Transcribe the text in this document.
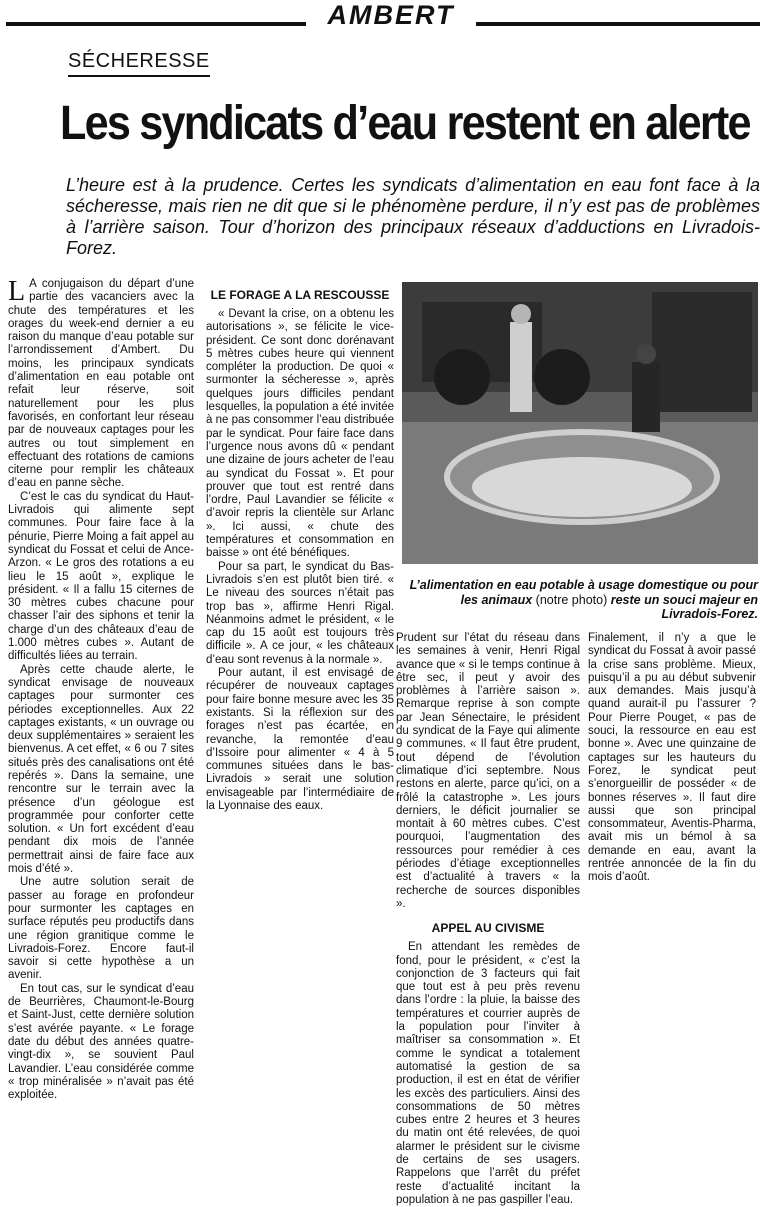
AMBERT
SÉCHERESSE
Les syndicats d’eau restent en alerte
L’heure est à la prudence. Certes les syndicats d’alimentation en eau font face à la sécheresse, mais rien ne dit que si le phénomène perdure, il n’y est pas de problèmes à l’arrière saison. Tour d’horizon des principaux réseaux d’adductions en Livradois-Forez.

L A conjugaison du départ d’une partie des vacanciers avec la chute des températures et les orages du week-end dernier a eu raison du manque d’eau potable sur l’arrondissement d’Ambert. Du moins, les principaux syndicats d’alimentation en eau potable ont refait leur réserve, soit naturellement pour les plus favorisés, en confortant leur réseau par de nouveaux captages pour les autres ou tout simplement en effectuant des rotations de camions citerne pour remplir les châteaux d’eau en panne sèche.

C’est le cas du syndicat du Haut-Livradois qui alimente sept communes. Pour faire face à la pénurie, Pierre Moing a fait appel au syndicat du Fossat et celui de Ance-Arzon. « Le gros des rotations a eu lieu le 15 août », explique le président. « Il a fallu 15 citernes de 30 mètres cubes chacune pour chasser l’air des siphons et tenir la charge d’un des châteaux d’eau de 1.000 mètres cubes ». Autant de difficultés liées au terrain.

Après cette chaude alerte, le syndicat envisage de nouveaux captages pour surmonter ces périodes exceptionnelles. Aux 22 captages existants, « un ouvrage ou deux supplémentaires » seraient les bienvenus. A cet effet, « 6 ou 7 sites situés près des canalisations ont été repérés ». Dans la semaine, une rencontre sur le terrain avec la présence d’un géologue est programmée pour conforter cette solution. « Un fort excédent d’eau pendant dix mois de l’année permettrait ainsi de faire face aux mois d’été ».

Une autre solution serait de passer au forage en profondeur pour surmonter les captages en surface réputés peu productifs dans une région granitique comme le Livradois-Forez. Encore faut-il savoir si cette hypothèse a un avenir.

En tout cas, sur le syndicat d’eau de Beurrières, Chaumont-le-Bourg et Saint-Just, cette dernière solution s’est avérée payante. « Le forage date du début des années quatre-vingt-dix », se souvient Paul Lavandier. L’eau considérée comme « trop minéralisée » n’avait pas été exploitée.

LE FORAGE A LA RESCOUSSE

« Devant la crise, on a obtenu les autorisations », se félicite le vice-président. Ce sont donc dorénavant 5 mètres cubes heure qui viennent compléter la production. De quoi « surmonter la sécheresse », après quelques jours difficiles pendant lesquelles, la population a été invitée à ne pas consommer l’eau distribuée par le syndicat. Pour faire face dans l’urgence nous avons dû « pendant une dizaine de jours acheter de l’eau au syndicat du Fossat ». Et pour prouver que tout est rentré dans l’ordre, Paul Lavandier se félicite « d’avoir repris la clientèle sur Arlanc ». Ici aussi, « chute des températures et consommation en baisse » ont été bénéfiques.

Pour sa part, le syndicat du Bas-Livradois s’en est plutôt bien tiré. « Le niveau des sources n’était pas trop bas », affirme Henri Rigal. Néanmoins admet le président, « le cap du 15 août est toujours très difficile ». A ce jour, « les châteaux d’eau sont revenus à la normale ».

Pour autant, il est envisagé de récupérer de nouveaux captages pour faire bonne mesure avec les 35 existants. Si la réflexion sur des forages n’est pas écartée, en revanche, la remontée d’eau d’Issoire pour alimenter « 4 à 5 communes situées dans le bas-Livradois » serait une solution envisageable par l’intermédiaire de la Lyonnaise des eaux.

L’alimentation en eau potable à usage domestique ou pour les animaux (notre photo) reste un souci majeur en Livradois-Forez.

Prudent sur l’état du réseau dans les semaines à venir, Henri Rigal avance que « si le temps continue à être sec, il peut y avoir des problèmes à l’arrière saison ». Remarque reprise à son compte par Jean Sénectaire, le président du syndicat de la Faye qui alimente 9 communes. « Il faut être prudent, tout dépend de l’évolution climatique d’ici septembre. Nous restons en alerte, parce qu’ici, on a frôlé la catastrophe ». Les jours derniers, le déficit journalier se montait à 60 mètres cubes. C’est pourquoi, l’augmentation des ressources pour remédier à ces périodes d’étiage exceptionnelles est d’actualité à travers « la recherche de sources disponibles ».

APPEL AU CIVISME

En attendant les remèdes de fond, pour le président, « c’est la conjonction de 3 facteurs qui fait que tout est à peu près revenu dans l’ordre : la pluie, la baisse des températures et courrier auprès de la population pour l’inviter à maîtriser sa consommation ». Et comme le syndicat a totalement automatisé la gestion de sa production, il est en état de vérifier les excès des particuliers. Ainsi des consommations de 50 mètres cubes entre 2 heures et 3 heures du matin ont été relevées, de quoi alarmer le président sur le civisme de certains de ses usagers. Rappelons que l’arrêt du préfet reste d’actualité incitant la population à ne pas gaspiller l’eau.

Finalement, il n’y a que le syndicat du Fossat à avoir passé la crise sans problème. Mieux, puisqu’il a pu au début subvenir aux demandes. Mais jusqu’à quand aurait-il pu l’assurer ? Pour Pierre Pouget, « pas de souci, la ressource en eau est bonne ». Avec une quinzaine de captages sur les hauteurs du Forez, le syndicat peut s’enorgueillir de posséder « de bonnes réserves ». Il faut dire aussi que son principal consommateur, Aventis-Pharma, avait mis un bémol à sa demande en eau, avant la rentrée annoncée de la fin du mois d’août.
